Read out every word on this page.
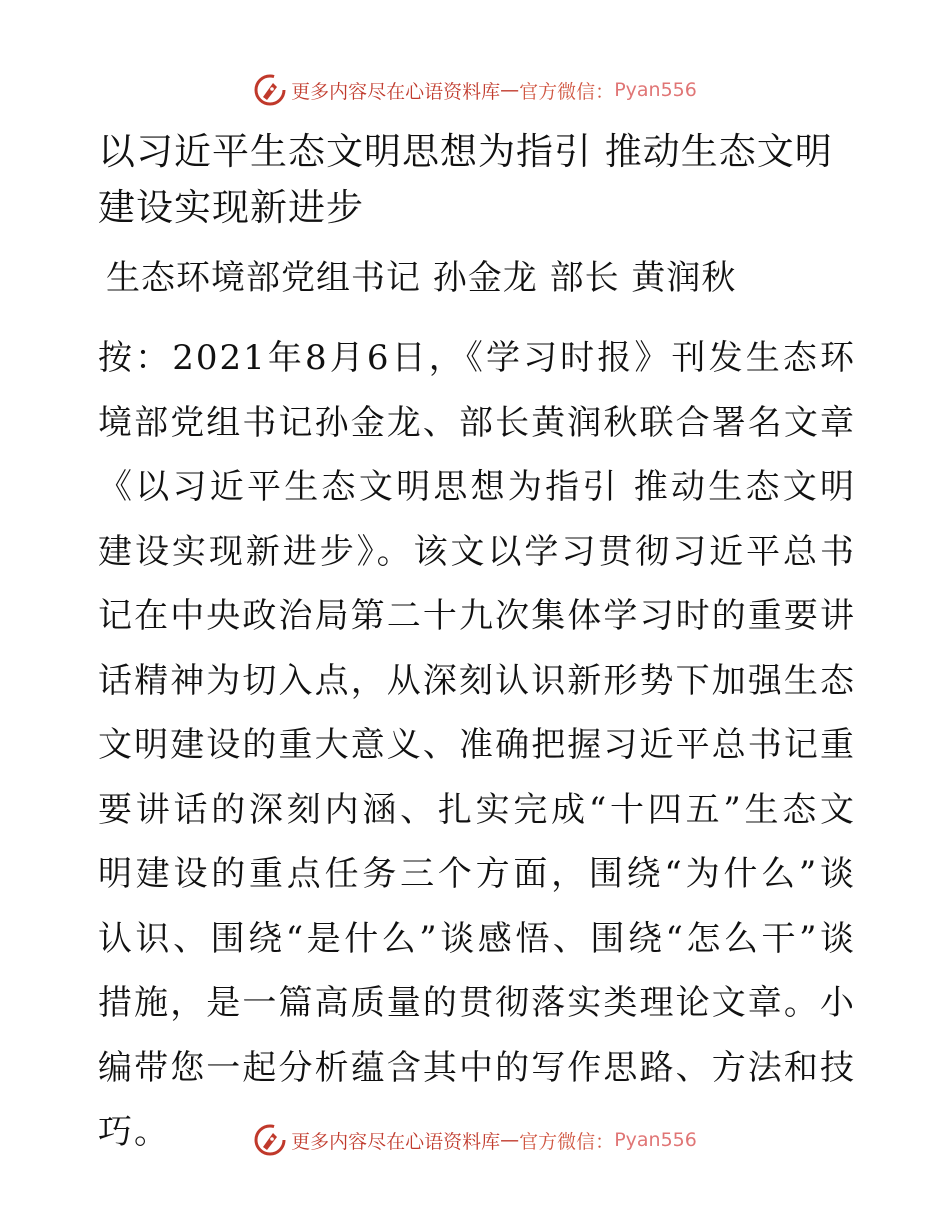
更多内容尽在心语资料库 — 官方微信： Pyan556
以习近平生态文明思想为指引 推动生态文明建设实现新进步

生态环境部党组书记 孙金龙 部长 黄润秋

按：2021年8月6日，《学习时报》刊发生态环境部党组书记孙金龙、部长黄润秋联合署名文章《以习近平生态文明思想为指引 推动生态文明建设实现新进步》。该文以学习贯彻习近平总书记在中央政治局第二十九次集体学习时的重要讲话精神为切入点，从深刻认识新形势下加强生态文明建设的重大意义、准确把握习近平总书记重要讲话的深刻内涵、扎实完成“十四五”生态文明建设的重点任务三个方面，围绕“为什么”谈认识、围绕“是什么”谈感悟、围绕“怎么干”谈措施，是一篇高质量的贯彻落实类理论文章。小编带您一起分析蕴含其中的写作思路、方法和技巧。	更多内容尽在心语资料库 — 官方微信： Pyan556
